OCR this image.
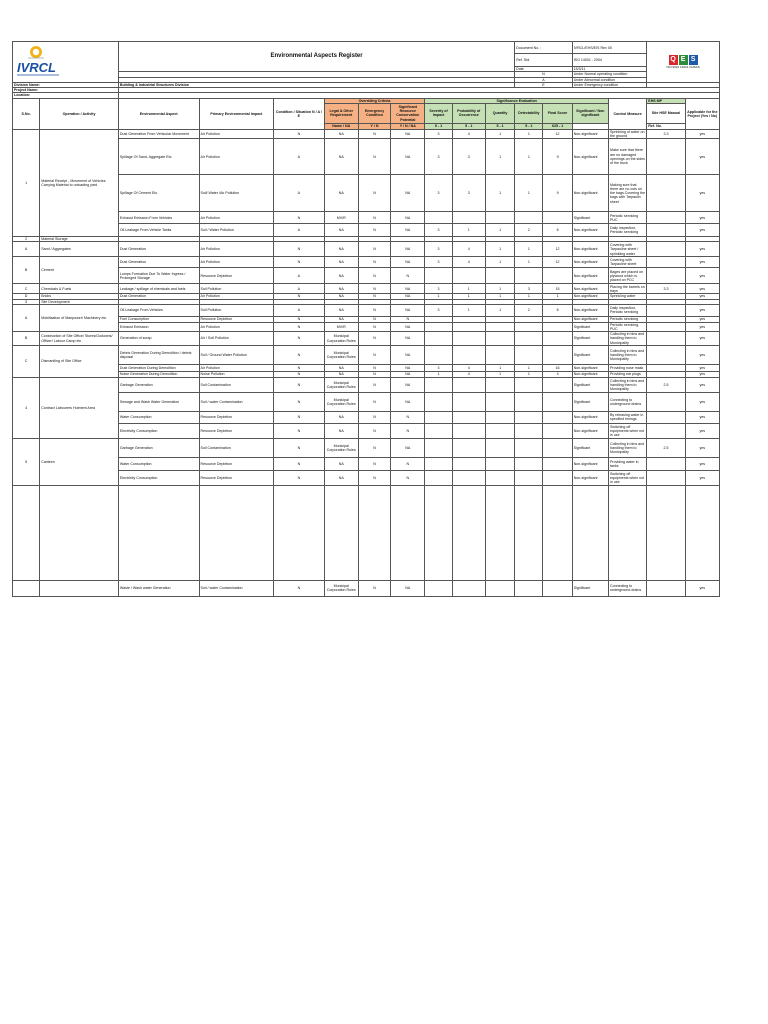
IVRCL		Environmental Aspects Register									Document No. :		IVRCL/EHS/EIS Rev 00		Q E S
ISO 9001 14001 OHSAS	

											Ref. Std.		ISO 14001 : 2004			
											Date		15/3/11			
											N		Under Normal operating condition			
											A		Under Abnormal condition			
Division Name:		Building & Industrial Structures Division									E		Under Emergency condition			
Project Name:																
Location:																
S.No.	Operation / Activity	Environmental Aspect	Primary Environmental Impact	Condition / Situation N / A / E	Overriding Criteria			Significance Evaluation						Control Measure	EHS MP	Applicable for the Project (Yes / No)
					Legal & Other Requirement	Emergency Condition	Significant Resource Conservation Potential	Severity of Impact	Probability of Occurrence	Quantity	Detectability	Final Score	Significant / Non significant		Site HSE Manual	
					Name / NA	Y / N	Y / N / NA	5 - 1	5 - 1	5 - 1	5 - 1	625 - 1			Ref. No.	
1	Material Receipt - Movement of Vehicles Carrying Material to unloading yard	Dust Generation From Vehicular Movement	Air Pollution	N	NA	N	NA	3	4	1	1	12	Non-significant	Sprinkling of water on the ground	3.3	yes
		Spillage Of Sand, Aggregate Etc.	Air Pollution	A	NA	N	NA	3	3	1	1	9	Non-significant	Make sure that there are no damaged openings on the sides of the truck		yes
		Spillage Of Cement Etc.	Soil/ Water /Air Pollution	A	NA	N	NA	3	3	1	1	9	Non-significant	Making sure that there are no cuts on the bags.Covering the bags with Tarpaulin sheet		yes
		Exhaust Emission From Vehicles	Air Pollution	N	MV/R	N	NA						Significant	Periodic servicing PUC		yes
		Oil Leakage From Vehicle Tanks	Soil / Water Pollution	A	NA	N	NA	3	1	1	2	6	Non-significant	Daily inspection, Periodic servicing		yes
2	Material Storage															
A	Sand / Aggregates	Dust Generation	Air Pollution	N	NA	N	NA	3	4	1	1	12	Non-significant	Covering with Tarpauline sheet / sprinkling water		yes
B	Cement	Dust Generation	Air Pollution	N	NA	N	NA	3	4	1	1	12	Non-significant	Covering with Tarpauline sheet		yes
		Lumps Formation Due To Water Ingress / Prolonged Storage	Resource Depletion	A	NA	N	N						Non-significant	Bages are placed on plywood which is placed on PCC		yes
C	Chemicals & Fuels	Leakage / spillage of chemicals and fuels	Soil Pollution	A	NA	N	NA	3	1	1	3	15	Non-significant	Placing the barrels on trays	3.3	yes
D	Bricks	Dust Generation	Air Pollution	N	NA	N	NA	1	1	1	1	1	Non-significant	Sprinkling water		yes
3	Site Development															
A	Mobilisation of Manpower/ Machinery etc	Oil Leakage From Vehicles	Soil Pollution	A	NA	N	NA	3	1	1	2	6	Non-significant	Daily inspection, Periodic servicing		yes
		Fuel Consumption	Resource Depletion	N	NA	N	N						Non-significant	Periodic servicing		yes
		Exhaust Emission	Air Pollution	N	MV/R	N	NA						Significant	Periodic servicing, PUC		yes
B	Construction of Site Office/ Stores/Godowns/ Officer/ Labour Camp etc	Generation of scrap	Air / Soil Pollution	N	Municipal Corporation Rules	N	NA						Significant	Collecting in bins and handling them to Municipality		yes
C	Dismantling of Site Office	Debris Generation During Demolition / debris disposal	Soil / Ground Water Pollution	N	Municipal Corporation Rules	N	NA						Significant	Collecting in bins and handling them to Municipality		yes
		Dust Generation During Demolition	Air Pollution	N	NA	N	NA	3	4	1	1	16	Non-significant	Providing nose mask		yes
		Noise Generation During Demolition	Noise Pollution	N	NA	N	NA	1	4	1	1	4	Non-significant	Providing ear plugs		yes
4	Contract Labourers Hutment Area	Garbage Generation	Soil Contamination	N	Municipal Corporation Rules	N	NA						Significant	Collecting in bins and handling them to Municipality	2.5	yes
		Sewage and Wash Water Generation	Soil / water Contamination	N	Municipal Corporation Rules	N	NA						Significant	Connecting to underground drains		yes
		Water Consumption	Resource Depletion	N	NA	N	N						Non-significant	By releasing water in specified timings		yes
		Electricity Consumption	Resource Depletion	N	NA	N	N						Non-significant	Switching off equipments when not in use		yes
5	Canteen	Garbage Generation	Soil Contamination	N	Municipal Corporation Rules	N	NA						Significant	Collecting in bins and handling them to Municipality	2.5	yes
		Water Consumption	Resource Depletion	N	NA	N	N						Non-significant	Providing water in tanks		yes
		Electricity Consumption	Resource Depletion	N	NA	N	N						Non-significant	Switching off equipments when not in use		yes

		Waste / Wash water Generation	Soil / water Contamination	N	Municipal Corporation Rules	N	NA						Significant	Connecting to underground drains		yes
